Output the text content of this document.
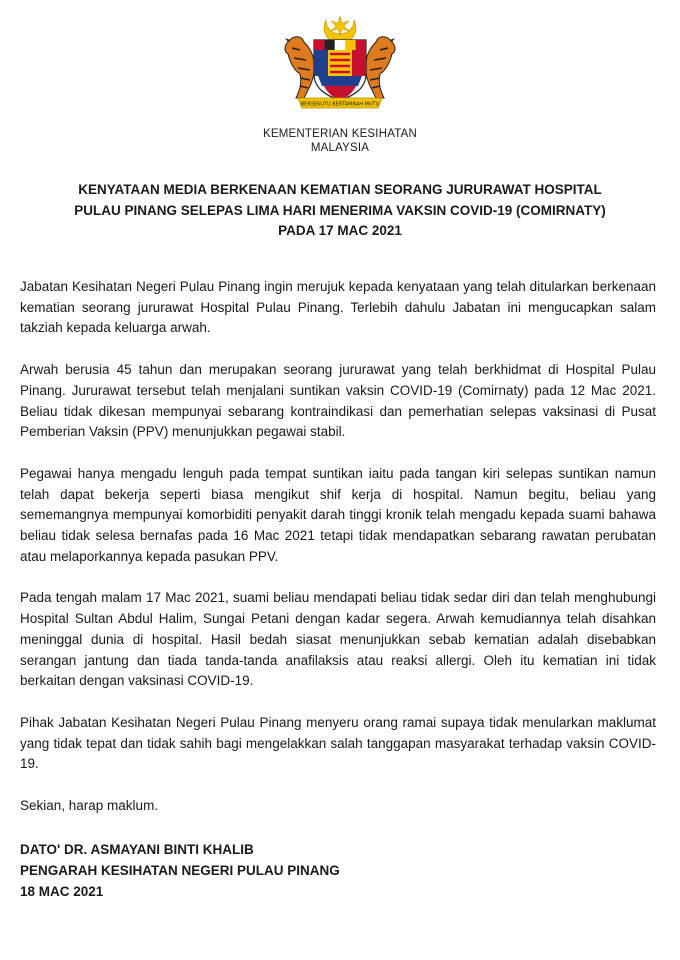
BERSEKUTU BERTAMBAH MUTU
KEMENTERIAN KESIHATAN
MALAYSIA
KENYATAAN MEDIA BERKENAAN KEMATIAN SEORANG JURURAWAT HOSPITAL
PULAU PINANG SELEPAS LIMA HARI MENERIMA VAKSIN COVID-19 (COMIRNATY)
PADA 17 MAC 2021

Jabatan Kesihatan Negeri Pulau Pinang ingin merujuk kepada kenyataan yang telah ditularkan berkenaan kematian seorang jururawat Hospital Pulau Pinang. Terlebih dahulu Jabatan ini mengucapkan salam takziah kepada keluarga arwah.

Arwah berusia 45 tahun dan merupakan seorang jururawat yang telah berkhidmat di Hospital Pulau Pinang. Jururawat tersebut telah menjalani suntikan vaksin COVID-19 (Comirnaty) pada 12 Mac 2021. Beliau tidak dikesan mempunyai sebarang kontraindikasi dan pemerhatian selepas vaksinasi di Pusat Pemberian Vaksin (PPV) menunjukkan pegawai stabil.

Pegawai hanya mengadu lenguh pada tempat suntikan iaitu pada tangan kiri selepas suntikan namun telah dapat bekerja seperti biasa mengikut shif kerja di hospital. Namun begitu, beliau yang sememangnya mempunyai komorbiditi penyakit darah tinggi kronik telah mengadu kepada suami bahawa beliau tidak selesa bernafas pada 16 Mac 2021 tetapi tidak mendapatkan sebarang rawatan perubatan atau melaporkannya kepada pasukan PPV.

Pada tengah malam 17 Mac 2021, suami beliau mendapati beliau tidak sedar diri dan telah menghubungi Hospital Sultan Abdul Halim, Sungai Petani dengan kadar segera. Arwah kemudiannya telah disahkan meninggal dunia di hospital. Hasil bedah siasat menunjukkan sebab kematian adalah disebabkan serangan jantung dan tiada tanda-tanda anafilaksis atau reaksi allergi. Oleh itu kematian ini tidak berkaitan dengan vaksinasi COVID-19.

Pihak Jabatan Kesihatan Negeri Pulau Pinang menyeru orang ramai supaya tidak menularkan maklumat yang tidak tepat dan tidak sahih bagi mengelakkan salah tanggapan masyarakat terhadap vaksin COVID-19.

Sekian, harap maklum.

DATO' DR. ASMAYANI BINTI KHALIB

PENGARAH KESIHATAN NEGERI PULAU PINANG

18 MAC 2021
